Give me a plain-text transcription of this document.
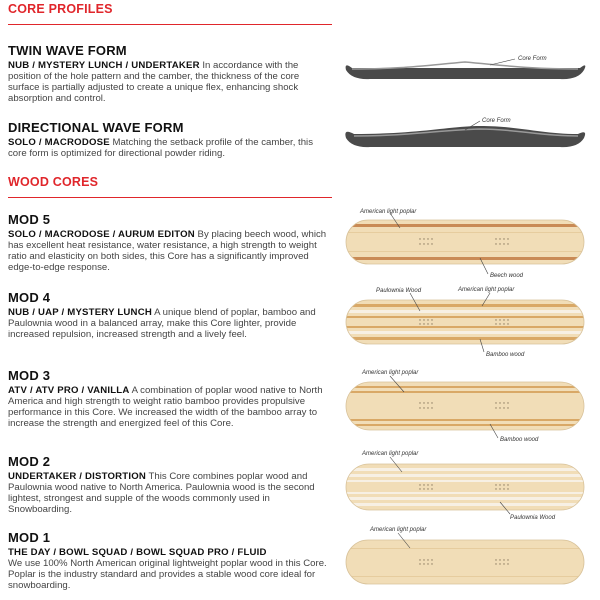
CORE PROFILES

TWIN WAVE FORM

NUB / MYSTERY LUNCH / UNDERTAKER In accordance with the position of the hole pattern and the camber, the thickness of the core surface is partially adjusted to create a unique flex, enhancing shock absorption and control.

DIRECTIONAL WAVE FORM

SOLO / MACRODOSE Matching the setback profile of the camber, this core form is optimized for directional powder riding.

Core Form
Core Form
WOOD CORES

MOD 5

SOLO / MACRODOSE / AURUM EDITON By placing beech wood, which has excellent heat resistance, water resistance, a high strength to weight ratio and elasticity on both sides, this Core has a significantly improved edge-to-edge response.

MOD 4

NUB / UAP / MYSTERY LUNCH A unique blend of poplar, bamboo and Paulownia wood in a balanced array, make this Core lighter, provide increased repulsion, increased strength and a lively feel.

MOD 3

ATV / ATV PRO / VANILLA A combination of poplar wood native to North America and high strength to weight ratio bamboo provides propulsive performance in this Core. We increased the width of the bamboo array to increase the strength and energized feel of this Core.

MOD 2

UNDERTAKER / DISTORTION This Core combines poplar wood and Paulownia wood native to North America. Paulownia wood is the second lightest, strongest and supple of the woods commonly used in Snowboarding.

MOD 1

THE DAY / BOWL SQUAD / BOWL SQUAD PRO / FLUID
We use 100% North American original lightweight poplar wood in this Core. Poplar is the industry standard and provides a stable wood core ideal for snowboarding.

American light poplar
Beech wood
Paulownia Wood	American light poplar
Bamboo wood
American light poplar
Bamboo wood
American light poplar
Paulownia Wood
American light poplar
